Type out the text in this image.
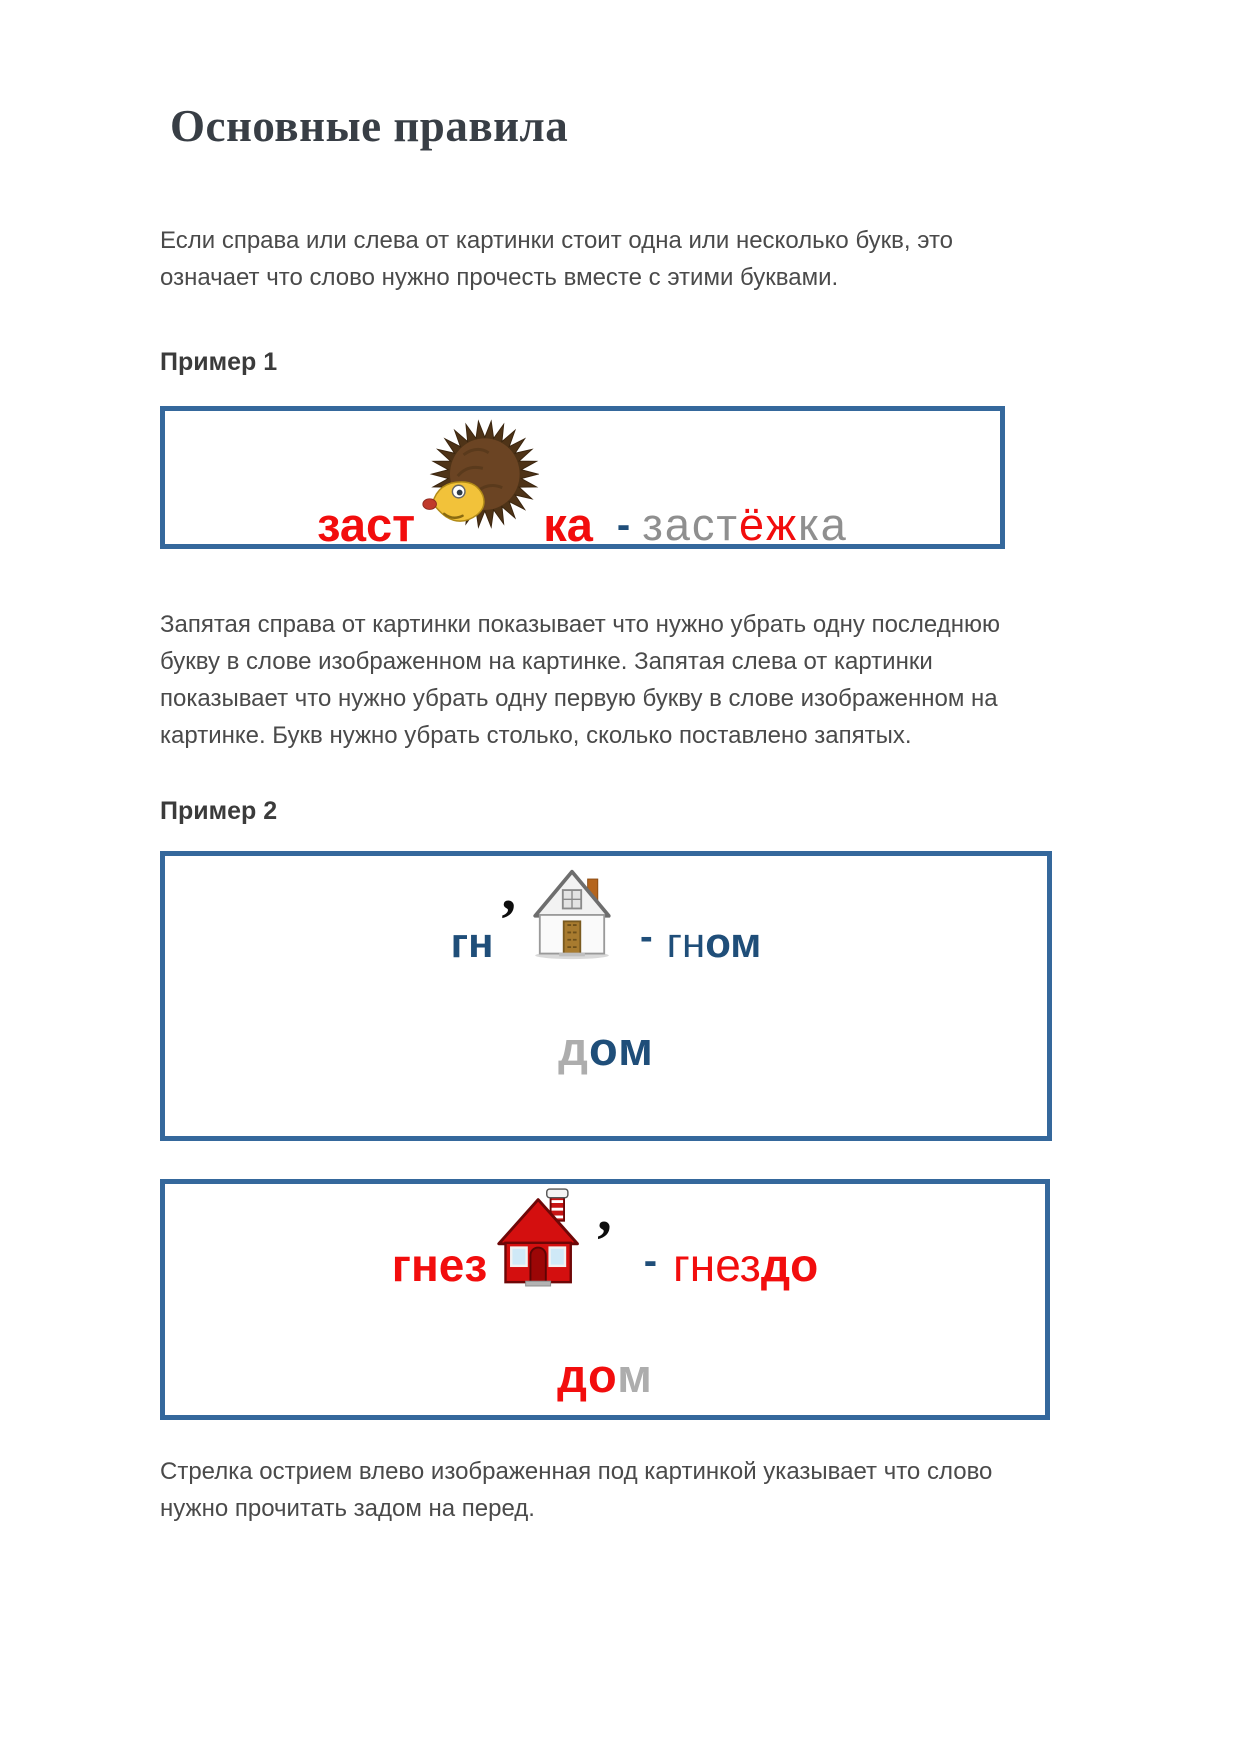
Основные правила

Если справа или слева от картинки стоит одна или несколько букв, это означает что слово нужно прочесть вместе с этими буквами.

Пример 1
заст	ка - застёжка

Запятая справа от картинки показывает что нужно убрать одну последнюю букву в слове изображенном на картинке. Запятая слева от картинки показывает что нужно убрать одну первую букву в слове изображенном на картинке. Букв нужно убрать столько, сколько поставлено запятых.

Пример 2
гн
,
- гном
дом
гнез
,
- гнездо
дом

Стрелка острием влево изображенная под картинкой указывает что слово нужно прочитать задом на перед.
